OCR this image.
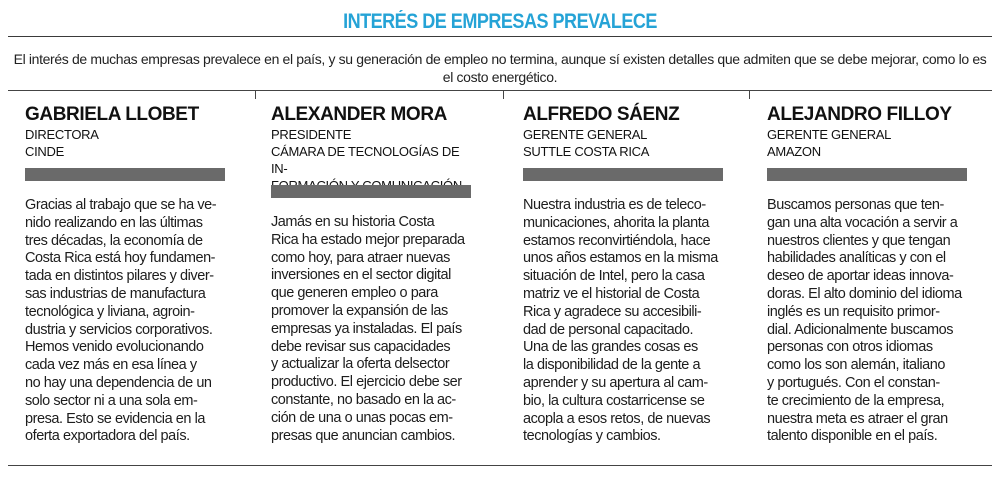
INTERÉS DE EMPRESAS PREVALECE
El interés de muchas empresas prevalece en el país, y su generación de empleo no termina, aunque sí existen detalles que admiten que se debe mejorar, como lo es el costo energético.
GABRIELA LLOBET
DIRECTORA
CINDE
Gracias al trabajo que se ha ve-
nido realizando en las últimas
tres décadas, la economía de
Costa Rica está hoy fundamen-
tada en distintos pilares y diver-
sas industrias de manufactura
tecnológica y liviana, agroin-
dustria y servicios corporativos.
Hemos venido evolucionando
cada vez más en esa línea y
no hay una dependencia de un
solo sector ni a una sola em-
presa. Esto se evidencia en la
oferta exportadora del país.
ALEXANDER MORA
PRESIDENTE
CÁMARA DE TECNOLOGÍAS DE IN-
Jamás en su historia Costa
Rica ha estado mejor preparada
como hoy, para atraer nuevas
inversiones en el sector digital
que generen empleo o para
promover la expansión de las
empresas ya instaladas. El país
debe revisar sus capacidades
y actualizar la oferta delsector
productivo. El ejercicio debe ser
constante, no basado en la ac-
ción de una o unas pocas em-
presas que anuncian cambios.
ALFREDO SÁENZ
GERENTE GENERAL
SUTTLE COSTA RICA
Nuestra industria es de teleco-
municaciones, ahorita la planta
estamos reconvirtiéndola, hace
unos años estamos en la misma
situación de Intel, pero la casa
matriz ve el historial de Costa
Rica y agradece su accesibili-
dad de personal capacitado.
Una de las grandes cosas es
la disponibilidad de la gente a
aprender y su apertura al cam-
bio, la cultura costarricense se
acopla a esos retos, de nuevas
tecnologías y cambios.
ALEJANDRO FILLOY
GERENTE GENERAL
AMAZON
Buscamos personas que ten-
gan una alta vocación a servir a
nuestros clientes y que tengan
habilidades analíticas y con el
deseo de aportar ideas innova-
doras. El alto dominio del idioma
inglés es un requisito primor-
dial. Adicionalmente buscamos
personas con otros idiomas
como los son alemán, italiano
y portugués. Con el constan-
te crecimiento de la empresa,
nuestra meta es atraer el gran
talento disponible en el país.
